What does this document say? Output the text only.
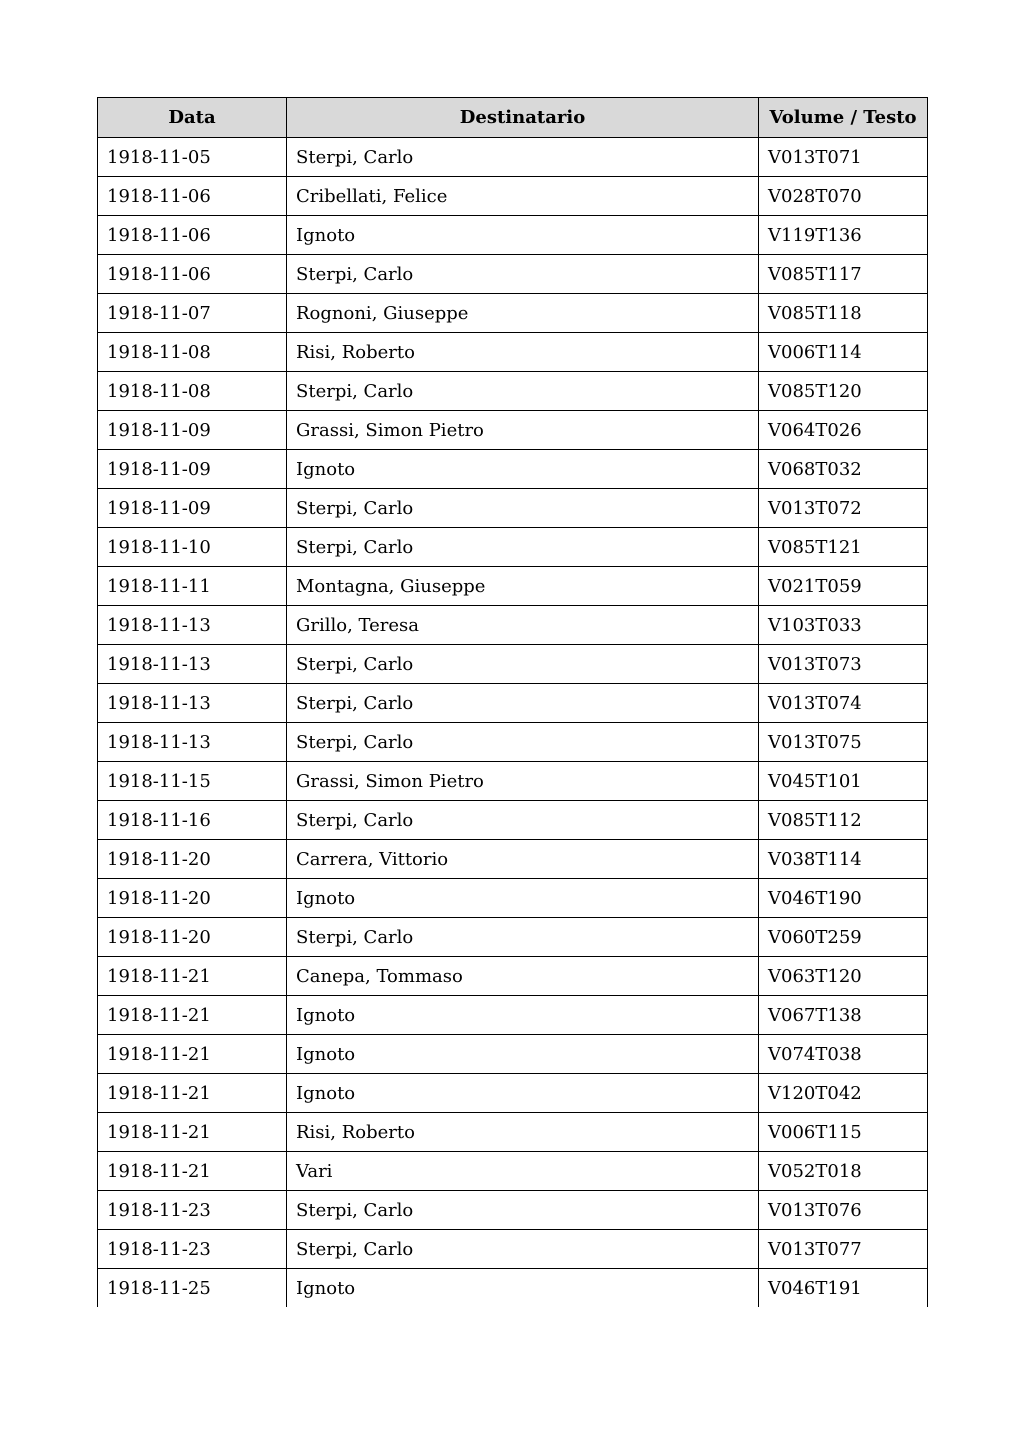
Data	Destinatario	Volume / Testo
1918-11-05	Sterpi, Carlo	V013T071
1918-11-06	Cribellati, Felice	V028T070
1918-11-06	Ignoto	V119T136
1918-11-06	Sterpi, Carlo	V085T117
1918-11-07	Rognoni, Giuseppe	V085T118
1918-11-08	Risi, Roberto	V006T114
1918-11-08	Sterpi, Carlo	V085T120
1918-11-09	Grassi, Simon Pietro	V064T026
1918-11-09	Ignoto	V068T032
1918-11-09	Sterpi, Carlo	V013T072
1918-11-10	Sterpi, Carlo	V085T121
1918-11-11	Montagna, Giuseppe	V021T059
1918-11-13	Grillo, Teresa	V103T033
1918-11-13	Sterpi, Carlo	V013T073
1918-11-13	Sterpi, Carlo	V013T074
1918-11-13	Sterpi, Carlo	V013T075
1918-11-15	Grassi, Simon Pietro	V045T101
1918-11-16	Sterpi, Carlo	V085T112
1918-11-20	Carrera, Vittorio	V038T114
1918-11-20	Ignoto	V046T190
1918-11-20	Sterpi, Carlo	V060T259
1918-11-21	Canepa, Tommaso	V063T120
1918-11-21	Ignoto	V067T138
1918-11-21	Ignoto	V074T038
1918-11-21	Ignoto	V120T042
1918-11-21	Risi, Roberto	V006T115
1918-11-21	Vari	V052T018
1918-11-23	Sterpi, Carlo	V013T076
1918-11-23	Sterpi, Carlo	V013T077
1918-11-25	Ignoto	V046T191
